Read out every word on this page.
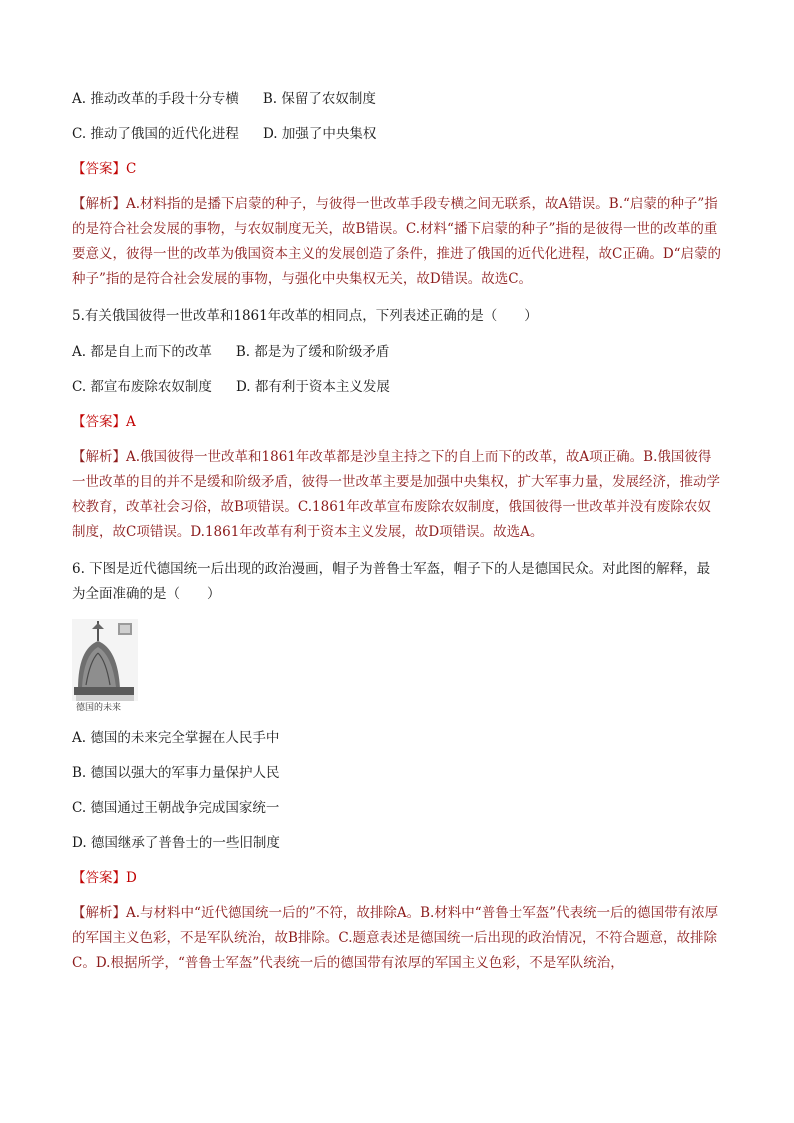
A. 推动改革的手段十分专横 B. 保留了农奴制度
C. 推动了俄国的近代化进程 D. 加强了中央集权
【答案】C
【解析】A.材料指的是播下启蒙的种子，与彼得一世改革手段专横之间无联系，故A错误。B.“启蒙的种子”指的是符合社会发展的事物，与农奴制度无关，故B错误。C.材料“播下启蒙的种子”指的是彼得一世的改革的重要意义，彼得一世的改革为俄国资本主义的发展创造了条件，推进了俄国的近代化进程，故C正确。D“启蒙的种子”指的是符合社会发展的事物，与强化中央集权无关，故D错误。故选C。
5.有关俄国彼得一世改革和1861年改革的相同点，下列表述正确的是（　　）
A. 都是自上而下的改革 B. 都是为了缓和阶级矛盾
C. 都宣布废除农奴制度 D. 都有利于资本主义发展
【答案】A
【解析】A.俄国彼得一世改革和1861年改革都是沙皇主持之下的自上而下的改革，故A项正确。B.俄国彼得一世改革的目的并不是缓和阶级矛盾，彼得一世改革主要是加强中央集权，扩大军事力量，发展经济，推动学校教育，改革社会习俗，故B项错误。C.1861年改革宣布废除农奴制度，俄国彼得一世改革并没有废除农奴制度，故C项错误。D.1861年改革有利于资本主义发展，故D项错误。故选A。
6. 下图是近代德国统一后出现的政治漫画，帽子为普鲁士军盔，帽子下的人是德国民众。对此图的解释，最为全面准确的是（　　）
德国的未来
A. 德国的未来完全掌握在人民手中
B. 德国以强大的军事力量保护人民
C. 德国通过王朝战争完成国家统一
D. 德国继承了普鲁士的一些旧制度
【答案】D
【解析】A.与材料中“近代德国统一后的”不符，故排除A。B.材料中“普鲁士军盔”代表统一后的德国带有浓厚的军国主义色彩，不是军队统治，故B排除。C.题意表述是德国统一后出现的政治情况，不符合题意，故排除C。D.根据所学，“普鲁士军盔”代表统一后的德国带有浓厚的军国主义色彩，不是军队统治，
